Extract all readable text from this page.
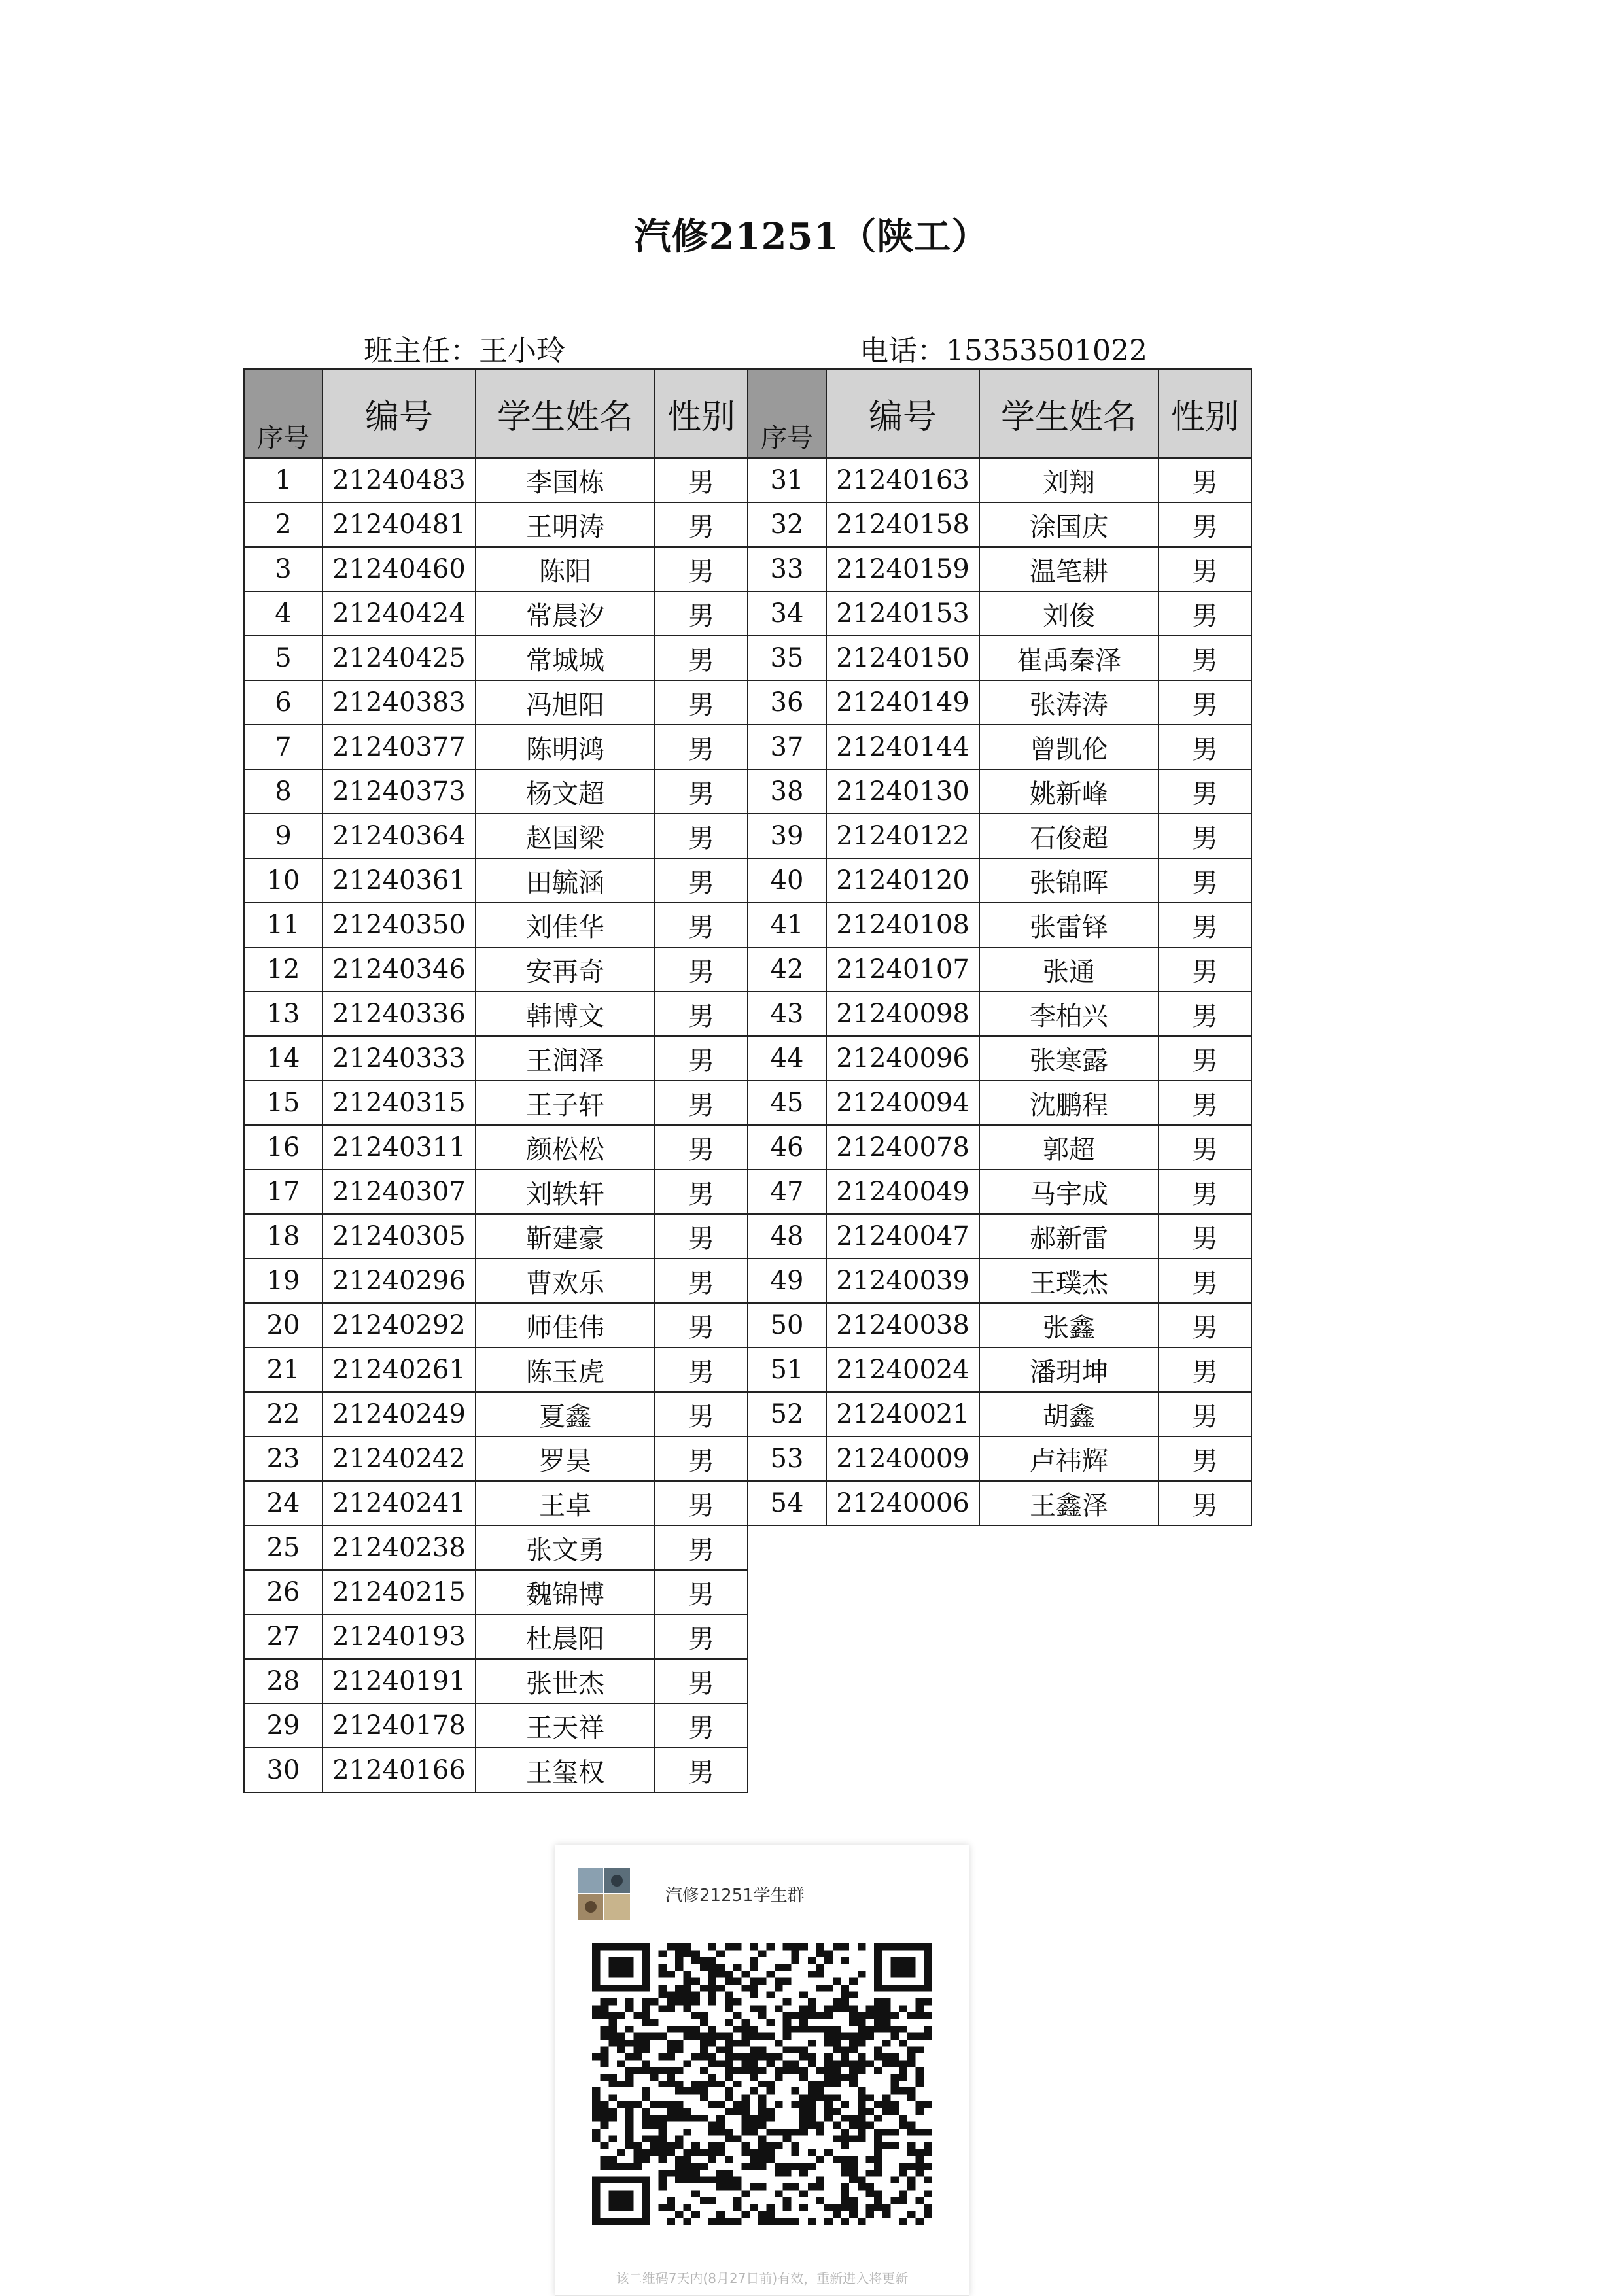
汽修21251（陕工）
班主任：王小玲	电话：15353501022
序号	编号	学生姓名	性别
1	21240483	李国栋	男
2	21240481	王明涛	男
3	21240460	陈阳	男
4	21240424	常晨汐	男
5	21240425	常城城	男
6	21240383	冯旭阳	男
7	21240377	陈明鸿	男
8	21240373	杨文超	男
9	21240364	赵国梁	男
10	21240361	田毓涵	男
11	21240350	刘佳华	男
12	21240346	安再奇	男
13	21240336	韩博文	男
14	21240333	王润泽	男
15	21240315	王子轩	男
16	21240311	颜松松	男
17	21240307	刘轶轩	男
18	21240305	靳建豪	男
19	21240296	曹欢乐	男
20	21240292	师佳伟	男
21	21240261	陈玉虎	男
22	21240249	夏鑫	男
23	21240242	罗昊	男
24	21240241	王卓	男
25	21240238	张文勇	男
26	21240215	魏锦博	男
27	21240193	杜晨阳	男
28	21240191	张世杰	男
29	21240178	王天祥	男
30	21240166	王玺权	男
序号	编号	学生姓名	性别
31	21240163	刘翔	男
32	21240158	涂国庆	男
33	21240159	温笔耕	男
34	21240153	刘俊	男
35	21240150	崔禹秦泽	男
36	21240149	张涛涛	男
37	21240144	曾凯伦	男
38	21240130	姚新峰	男
39	21240122	石俊超	男
40	21240120	张锦晖	男
41	21240108	张雷铎	男
42	21240107	张通	男
43	21240098	李柏兴	男
44	21240096	张寒露	男
45	21240094	沈鹏程	男
46	21240078	郭超	男
47	21240049	马宇成	男
48	21240047	郝新雷	男
49	21240039	王璞杰	男
50	21240038	张鑫	男
51	21240024	潘玥坤	男
52	21240021	胡鑫	男
53	21240009	卢祎辉	男
54	21240006	王鑫泽	男
汽修21251学生群
该二维码7天内(8月27日前)有效，重新进入将更新
